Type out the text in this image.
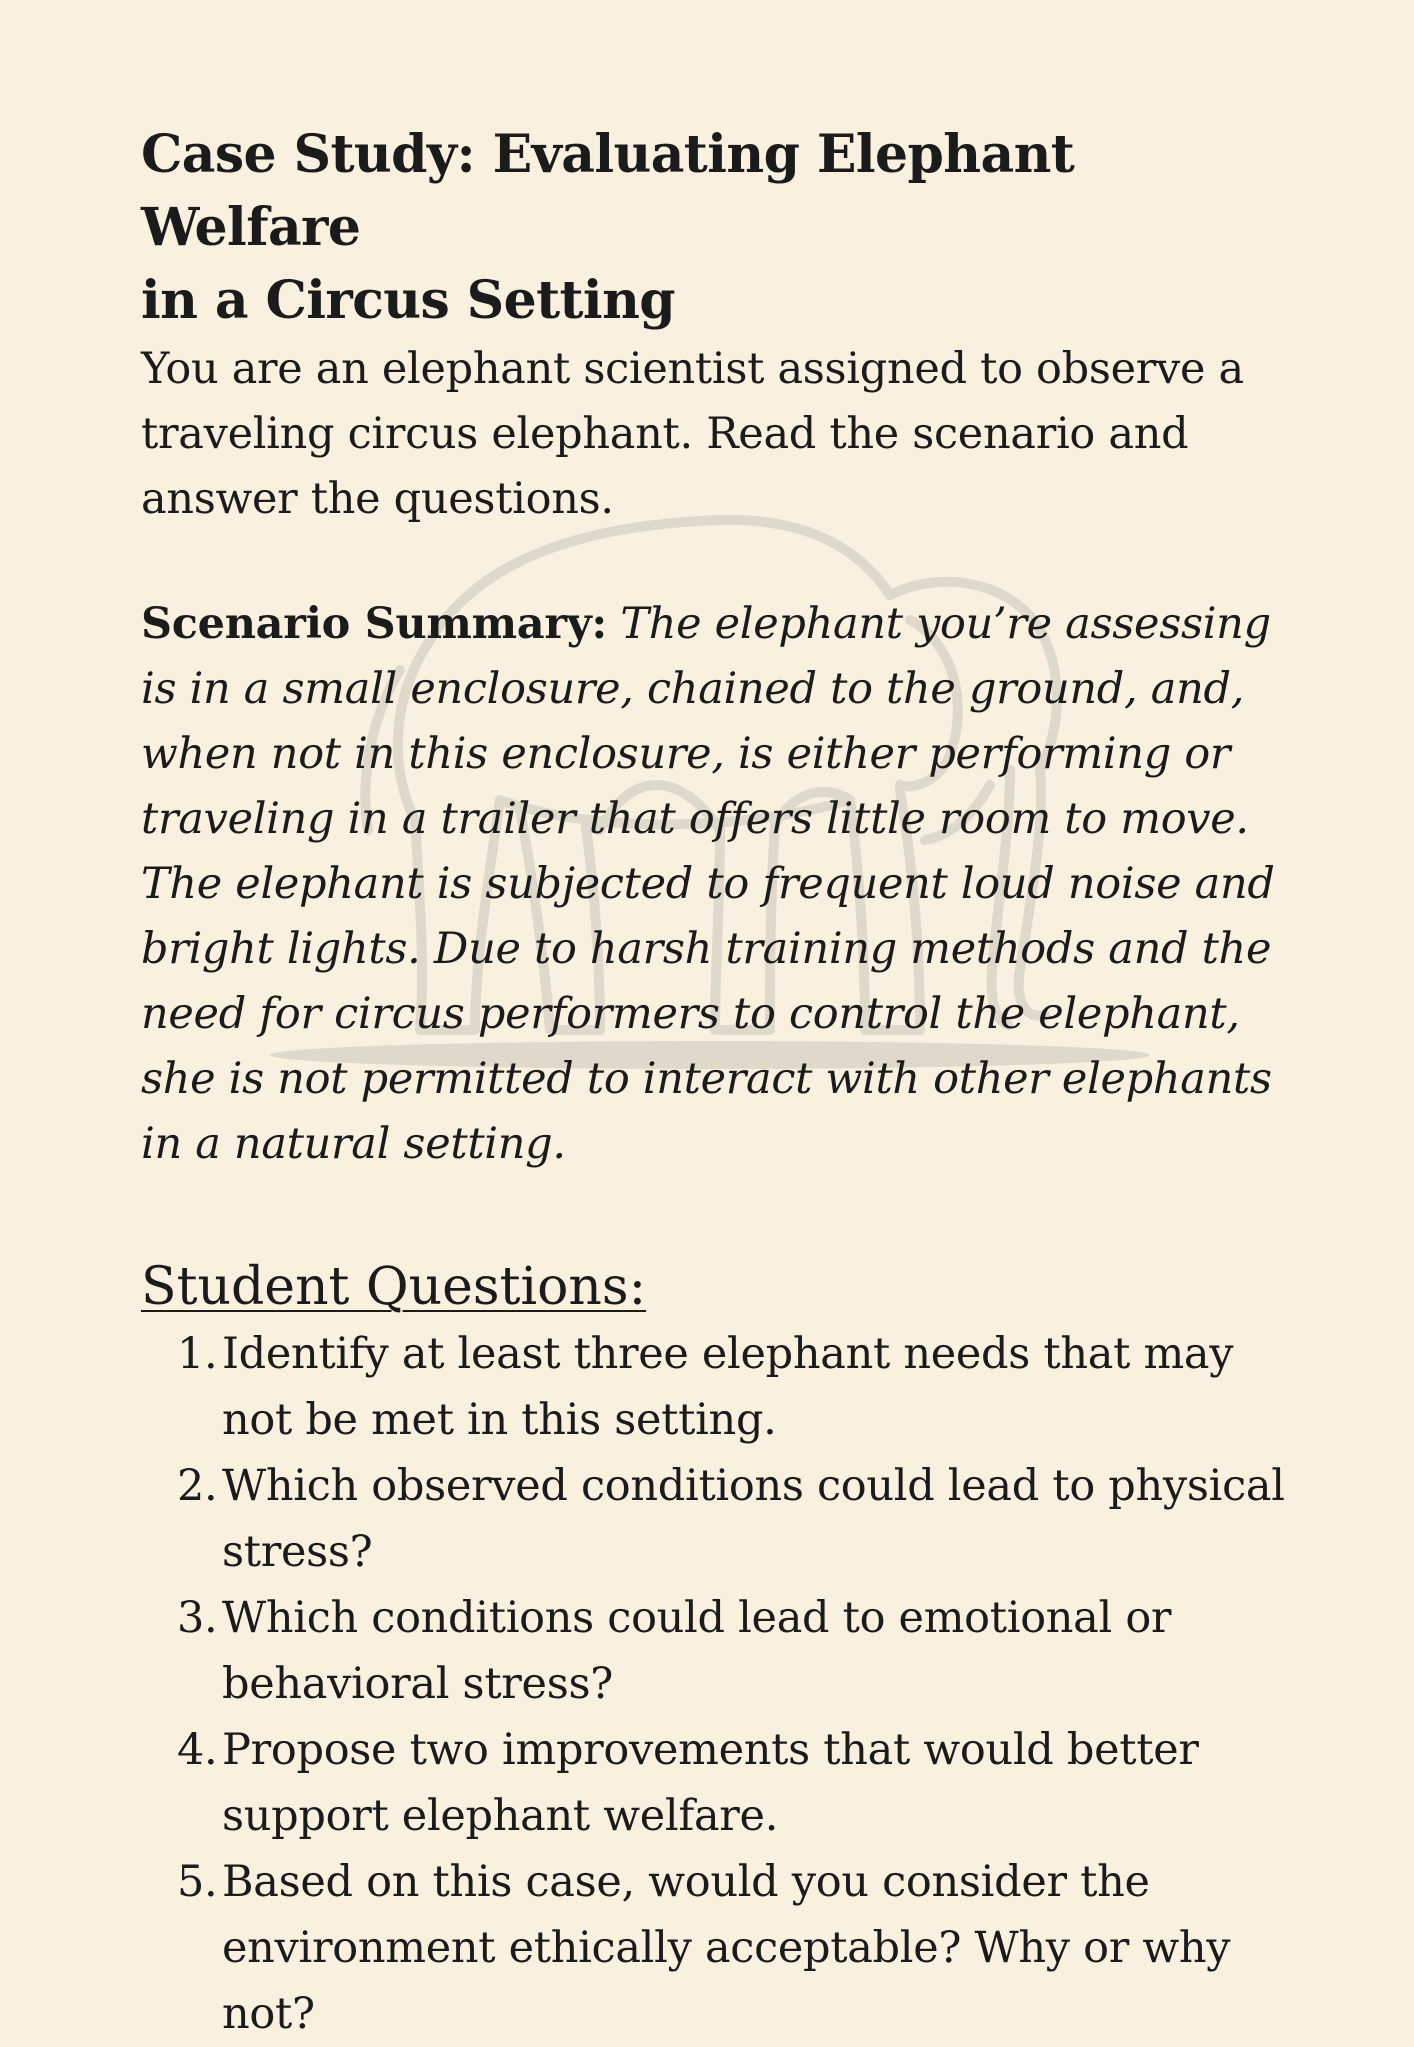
Case Study: Evaluating Elephant Welfare
in a Circus Setting

You are an elephant scientist assigned to observe a traveling circus elephant. Read the scenario and answer the questions.

Scenario Summary: The elephant you’re assessing is in a small enclosure, chained to the ground, and, when not in this enclosure, is either performing or traveling in a trailer that offers little room to move. The elephant is subjected to frequent loud noise and bright lights. Due to harsh training methods and the need for circus performers to control the elephant, she is not permitted to interact with other elephants in a natural setting.

Student Questions:
1. Identify at least three elephant needs that may not be met in this setting.
2. Which observed conditions could lead to physical stress?
3. Which conditions could lead to emotional or behavioral stress?
4. Propose two improvements that would better support elephant welfare.
5. Based on this case, would you consider the environment ethically acceptable? Why or why not?
